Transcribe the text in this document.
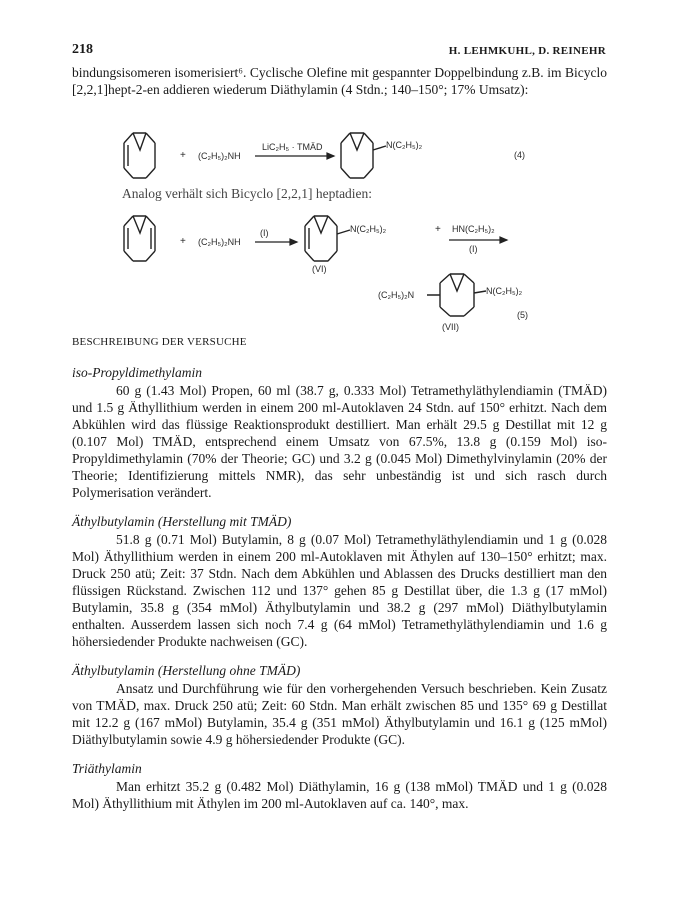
218	H. LEHMKUHL, D. REINEHR

bindungsisomeren isomerisiert⁶. Cyclische Olefine mit gespannter Doppelbindung z.B. im Bicyclo [2,2,1]hept-2-en addieren wiederum Diäthylamin (4 Stdn.; 140–150°; 17% Umsatz):

Analog verhält sich Bicyclo [2,2,1] heptadien:
+ (C₂H₅)₂NH
LiC₂H₅ · TMÄD	N(C₂H₅)₂
(4)
+ (C₂H₅)₂NH
(I)	N(C₂H₅)₂	+ HN(C₂H₅)₂
(I)
(VI)
(C₂H₅)₂N	N(C₂H₅)₂
(VII)
(5)
BESCHREIBUNG DER VERSUCHE
iso-Propyldimethylamin

60 g (1.43 Mol) Propen, 60 ml (38.7 g, 0.333 Mol) Tetramethyläthylendiamin (TMÄD) und 1.5 g Äthyllithium werden in einem 200 ml-Autoklaven 24 Stdn. auf 150° erhitzt. Nach dem Abkühlen wird das flüssige Reaktionsprodukt destilliert. Man erhält 29.5 g Destillat mit 12 g (0.107 Mol) TMÄD, entsprechend einem Umsatz von 67.5%, 13.8 g (0.159 Mol) iso-Propyldimethylamin (70% der Theorie; GC) und 3.2 g (0.045 Mol) Dimethylvinylamin (20% der Theorie; Identifizierung mittels NMR), das sehr unbeständig ist und sich rasch durch Polymerisation verändert.

Äthylbutylamin (Herstellung mit TMÄD)

51.8 g (0.71 Mol) Butylamin, 8 g (0.07 Mol) Tetramethyläthylendiamin und 1 g (0.028 Mol) Äthyllithium werden in einem 200 ml-Autoklaven mit Äthylen auf 130–150° erhitzt; max. Druck 250 atü; Zeit: 37 Stdn. Nach dem Abkühlen und Ablassen des Drucks destilliert man den flüssigen Rückstand. Zwischen 112 und 137° gehen 85 g Destillat über, die 1.3 g (17 mMol) Butylamin, 35.8 g (354 mMol) Äthylbutylamin und 38.2 g (297 mMol) Diäthylbutylamin enthalten. Ausserdem lassen sich noch 7.4 g (64 mMol) Tetramethyläthylendiamin und 1.6 g höhersiedender Produkte nachweisen (GC).

Äthylbutylamin (Herstellung ohne TMÄD)

Ansatz und Durchführung wie für den vorhergehenden Versuch beschrieben. Kein Zusatz von TMÄD, max. Druck 250 atü; Zeit: 60 Stdn. Man erhält zwischen 85 und 135° 69 g Destillat mit 12.2 g (167 mMol) Butylamin, 35.4 g (351 mMol) Äthylbutylamin und 16.1 g (125 mMol) Diäthylbutylamin sowie 4.9 g höhersiedender Produkte (GC).

Triäthylamin

Man erhitzt 35.2 g (0.482 Mol) Diäthylamin, 16 g (138 mMol) TMÄD und 1 g (0.028 Mol) Äthyllithium mit Äthylen im 200 ml-Autoklaven auf ca. 140°, max.
